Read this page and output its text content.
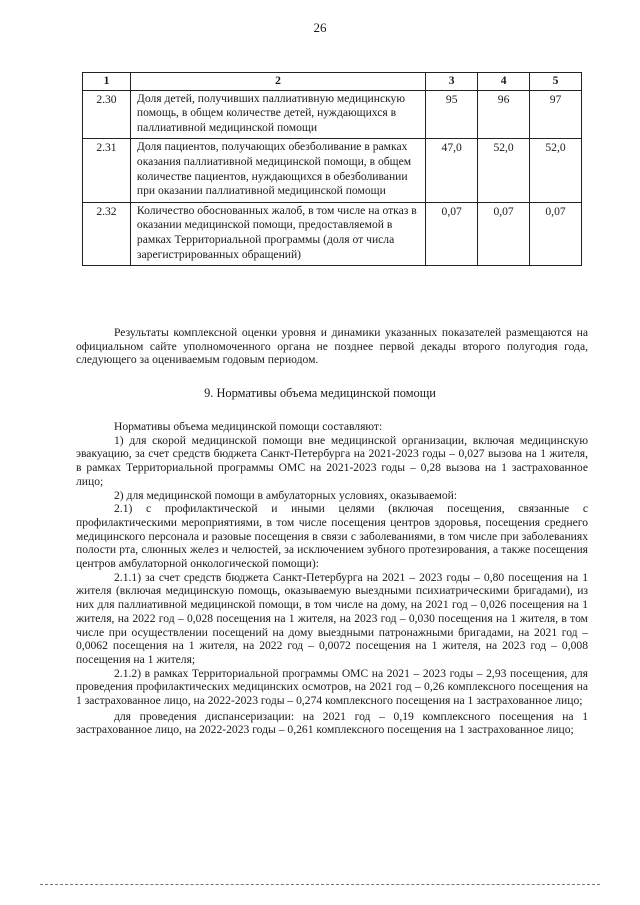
26
1	2	3	4	5
2.30	Доля детей, получивших паллиативную медицинскую помощь, в общем количестве детей, нуждающихся в паллиативной медицинской помощи	95	96	97
2.31	Доля пациентов, получающих обезболивание в рамках оказания паллиативной медицинской помощи, в общем количестве пациентов, нуждающихся в обезболивании при оказании паллиативной медицинской помощи	47,0	52,0	52,0
2.32	Количество обоснованных жалоб, в том числе на отказ в оказании медицинской помощи, предоставляемой в рамках Территориальной программы (доля от числа зарегистрированных обращений)	0,07	0,07	0,07

Результаты комплексной оценки уровня и динамики указанных показателей размещаются на официальном сайте уполномоченного органа не позднее первой декады второго полугодия года, следующего за оцениваемым годовым периодом.

9. Нормативы объема медицинской помощи

Нормативы объема медицинской помощи составляют:

1) для скорой медицинской помощи вне медицинской организации, включая медицинскую эвакуацию, за счет средств бюджета Санкт-Петербурга на 2021-2023 годы – 0,027 вызова на 1 жителя, в рамках Территориальной программы ОМС на 2021-2023 годы – 0,28 вызова на 1 застрахованное лицо;

2) для медицинской помощи в амбулаторных условиях, оказываемой:

2.1) с профилактической и иными целями (включая посещения, связанные с профилактическими мероприятиями, в том числе посещения центров здоровья, посещения среднего медицинского персонала и разовые посещения в связи с заболеваниями, в том числе при заболеваниях полости рта, слюнных желез и челюстей, за исключением зубного протезирования, а также посещения центров амбулаторной онкологической помощи):

2.1.1) за счет средств бюджета Санкт-Петербурга на 2021 – 2023 годы – 0,80 посещения на 1 жителя (включая медицинскую помощь, оказываемую выездными психиатрическими бригадами), из них для паллиативной медицинской помощи, в том числе на дому, на 2021 год – 0,026 посещения на 1 жителя, на 2022 год – 0,028 посещения на 1 жителя, на 2023 год – 0,030 посещения на 1 жителя, в том числе при осуществлении посещений на дому выездными патронажными бригадами, на 2021 год – 0,0062 посещения на 1 жителя, на 2022 год – 0,0072 посещения на 1 жителя, на 2023 год – 0,008 посещения на 1 жителя;

2.1.2) в рамках Территориальной программы ОМС на 2021 – 2023 годы – 2,93 посещения, для проведения профилактических медицинских осмотров, на 2021 год – 0,26 комплексного посещения на 1 застрахованное лицо, на 2022-2023 годы – 0,274 комплексного посещения на 1 застрахованное лицо;

для проведения диспансеризации: на 2021 год – 0,19 комплексного посещения на 1 застрахованное лицо, на 2022-2023 годы – 0,261 комплексного посещения на 1 застрахованное лицо;
